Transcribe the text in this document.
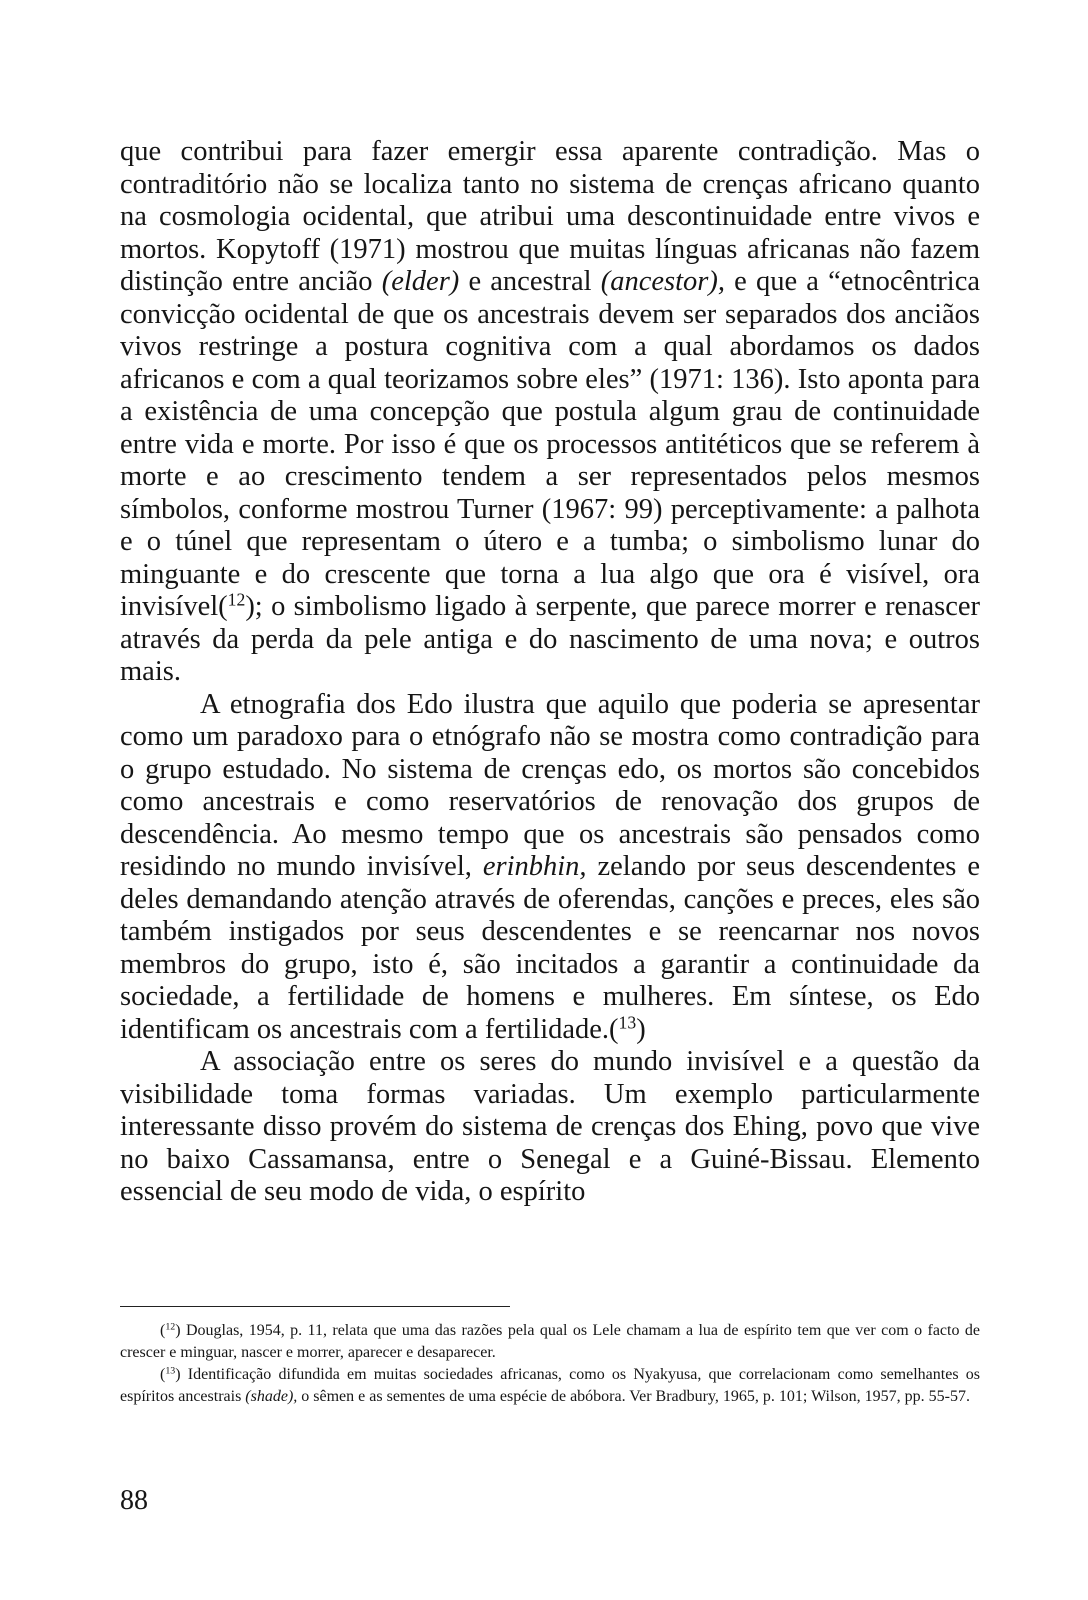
que contribui para fazer emergir essa aparente contradição. Mas o contraditório não se localiza tanto no sistema de crenças africano quanto na cosmologia ocidental, que atribui uma descontinuidade entre vivos e mortos. Kopytoff (1971) mostrou que muitas línguas africanas não fazem distinção entre ancião (elder) e ancestral (ancestor), e que a “etnocêntrica convicção ocidental de que os ancestrais devem ser separados dos anciãos vivos restringe a postura cognitiva com a qual abordamos os dados africanos e com a qual teorizamos sobre eles” (1971: 136). Isto aponta para a existência de uma concepção que postula algum grau de continuidade entre vida e morte. Por isso é que os processos antitéticos que se referem à morte e ao crescimento tendem a ser representados pelos mesmos símbolos, conforme mostrou Turner (1967: 99) perceptivamente: a palhota e o túnel que representam o útero e a tumba; o simbolismo lunar do minguante e do crescente que torna a lua algo que ora é visível, ora invisível($^{12}$); o simbolismo ligado à serpente, que parece morrer e renascer através da perda da pele antiga e do nascimento de uma nova; e outros mais.

A etnografia dos Edo ilustra que aquilo que poderia se apresentar como um paradoxo para o etnógrafo não se mostra como contradição para o grupo estudado. No sistema de crenças edo, os mortos são concebidos como ancestrais e como reservatórios de renovação dos grupos de descendência. Ao mesmo tempo que os ancestrais são pensados como residindo no mundo invisível, erinbhin, zelando por seus descendentes e deles demandando atenção através de oferendas, canções e preces, eles são também instigados por seus descendentes e se reencarnar nos novos membros do grupo, isto é, são incitados a garantir a continuidade da sociedade, a fertilidade de homens e mulheres. Em síntese, os Edo identificam os ancestrais com a fertilidade.($^{13}$)

A associação entre os seres do mundo invisível e a questão da visibilidade toma formas variadas. Um exemplo particularmente interessante disso provém do sistema de crenças dos Ehing, povo que vive no baixo Cassamansa, entre o Senegal e a Guiné-Bissau. Elemento essencial de seu modo de vida, o espírito

($^{12}$) Douglas, 1954, p. 11, relata que uma das razões pela qual os Lele chamam a lua de espírito tem que ver com o facto de crescer e minguar, nascer e morrer, aparecer e desaparecer.

($^{13}$) Identificação difundida em muitas sociedades africanas, como os Nyakyusa, que correlacionam como semelhantes os espíritos ancestrais (shade), o sêmen e as sementes de uma espécie de abóbora. Ver Bradbury, 1965, p. 101; Wilson, 1957, pp. 55-57.

88
